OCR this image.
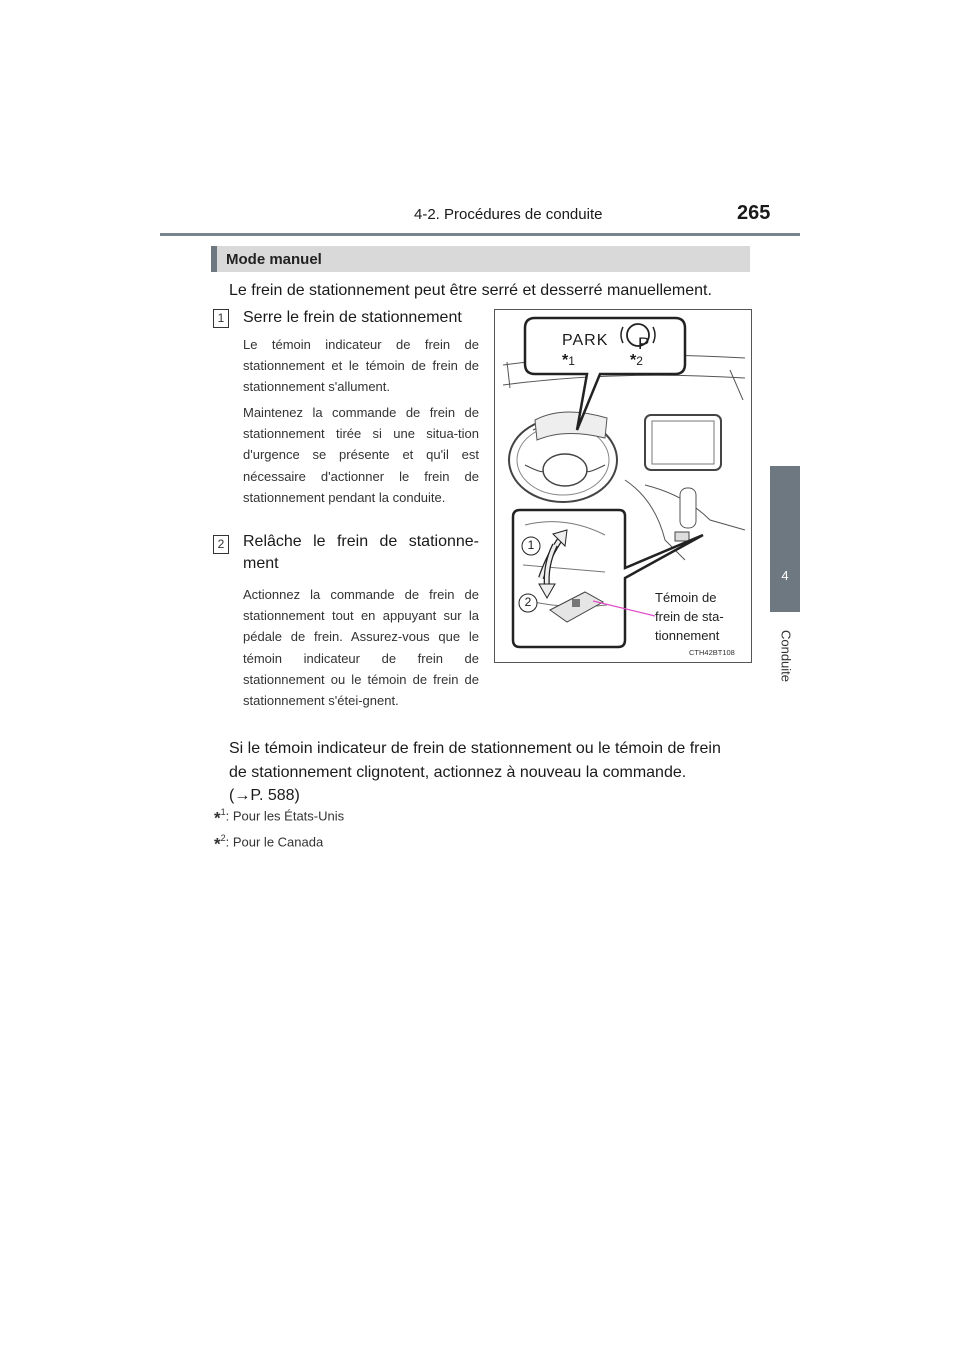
4-2. Procédures de conduite	265
4
Conduite
Mode manuel
Le frein de stationnement peut être serré et desserré manuellement.
1 Serre le frein de stationnement
Le témoin indicateur de frein de stationnement et le témoin de frein de stationnement s'allument.
Maintenez la commande de frein de stationnement tirée si une situa-tion d'urgence se présente et qu'il est nécessaire d'actionner le frein de stationnement pendant la conduite.
2 Relâche le frein de stationne-
ment
Actionnez la commande de frein de stationnement tout en appuyant sur la pédale de frein. Assurez-vous que le témoin indicateur de frein de stationnement ou le témoin de frein de stationnement s'étei-gnent.
PARK P
*1	*2
1
2	Témoin de
frein de sta-
tionnement
CTH42BT108
Si le témoin indicateur de frein de stationnement ou le témoin de frein
de stationnement clignotent, actionnez à nouveau la commande.
(→P. 588)
*$^1$: Pour les États-Unis
*$^2$: Pour le Canada
